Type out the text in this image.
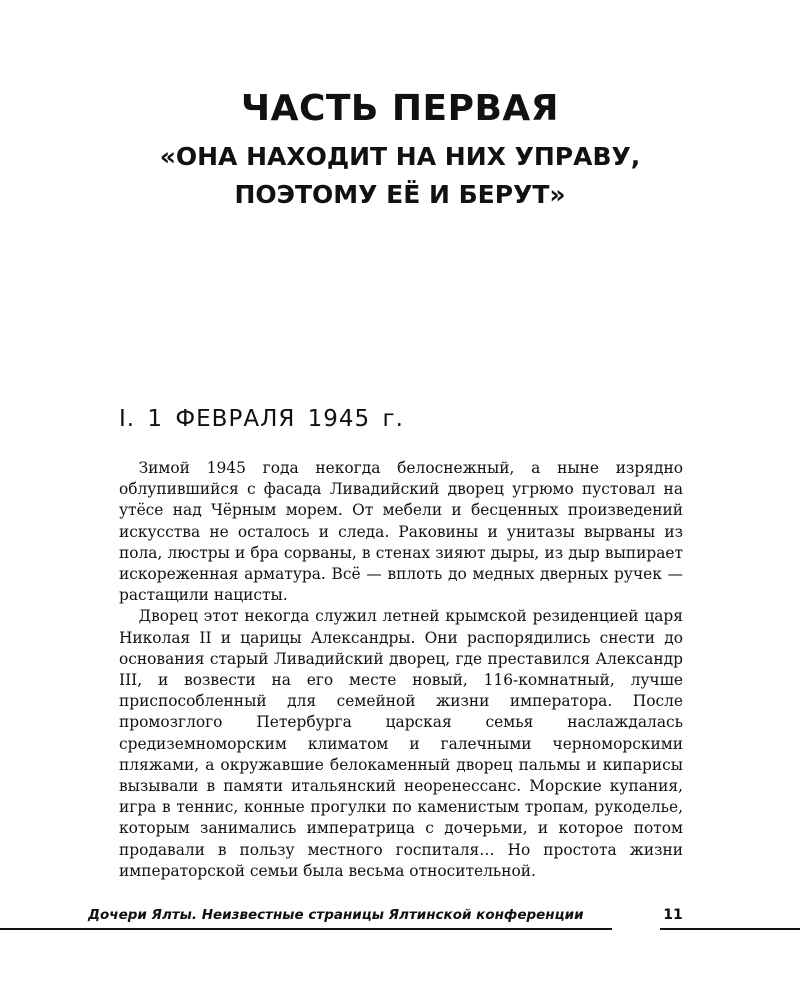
ЧАСТЬ ПЕРВАЯ
«ОНА НАХОДИТ НА НИХ УПРАВУ,
ПОЭТОМУ ЕЁ И БЕРУТ»
I. 1 ФЕВРАЛЯ 1945 г.

Зимой 1945 года некогда белоснежный, а ныне изрядно облупившийся с фасада Ливадийский дворец угрюмо пустовал на утёсе над Чёрным морем. От мебели и бесценных произведений искусства не осталось и следа. Раковины и унитазы вырваны из пола, люстры и бра сорваны, в стенах зияют дыры, из дыр выпирает искореженная арматура. Всё — вплоть до медных дверных ручек — растащили нацисты.

Дворец этот некогда служил летней крымской резиденцией царя Николая II и царицы Александры. Они распорядились снести до основания старый Ливадийский дворец, где преставился Александр III, и возвести на его месте новый, 116-комнатный, лучше приспособленный для семейной жизни императора. После промозглого Петербурга царская семья наслаждалась средиземноморским климатом и галечными черноморскими пляжами, а окружавшие белокаменный дворец пальмы и кипарисы вызывали в памяти итальянский неоренессанс. Морские купания, игра в теннис, конные прогулки по каменистым тропам, рукоделье, которым занимались императрица с дочерьми, и которое потом продавали в пользу местного госпиталя… Но простота жизни императорской семьи была весьма относительной.

Дочери Ялты. Неизвестные страницы Ялтинской конференции	11
